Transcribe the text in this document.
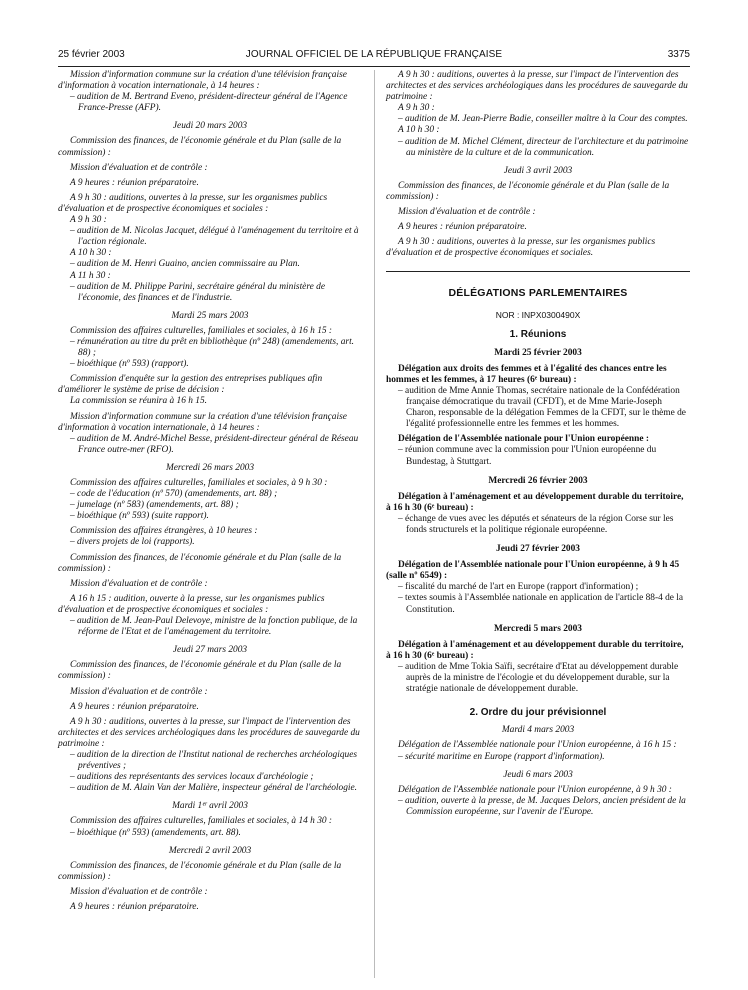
25 février 2003	JOURNAL OFFICIEL DE LA RÉPUBLIQUE FRANÇAISE	3375

Mission d'information commune sur la création d'une télévision française d'information à vocation internationale, à 14 heures :

– audition de M. Bertrand Eveno, président-directeur général de l'Agence France-Presse (AFP).

Jeudi 20 mars 2003

Commission des finances, de l'économie générale et du Plan (salle de la commission) :

Mission d'évaluation et de contrôle :

A 9 heures : réunion préparatoire.

A 9 h 30 : auditions, ouvertes à la presse, sur les organismes publics d'évaluation et de prospective économiques et sociales :

A 9 h 30 :

– audition de M. Nicolas Jacquet, délégué à l'aménagement du territoire et à l'action régionale.

A 10 h 30 :

– audition de M. Henri Guaino, ancien commissaire au Plan.

A 11 h 30 :

– audition de M. Philippe Parini, secrétaire général du ministère de l'économie, des finances et de l'industrie.

Mardi 25 mars 2003

Commission des affaires culturelles, familiales et sociales, à 16 h 15 :

– rémunération au titre du prêt en bibliothèque (nº 248) (amendements, art. 88) ;

– bioéthique (nº 593) (rapport).

Commission d'enquête sur la gestion des entreprises publiques afin d'améliorer le système de prise de décision :

La commission se réunira à 16 h 15.

Mission d'information commune sur la création d'une télévision française d'information à vocation internationale, à 14 heures :

– audition de M. André-Michel Besse, président-directeur général de Réseau France outre-mer (RFO).

Mercredi 26 mars 2003

Commission des affaires culturelles, familiales et sociales, à 9 h 30 :

– code de l'éducation (nº 570) (amendements, art. 88) ;

– jumelage (nº 583) (amendements, art. 88) ;

– bioéthique (nº 593) (suite rapport).

Commission des affaires étrangères, à 10 heures :

– divers projets de loi (rapports).

Commission des finances, de l'économie générale et du Plan (salle de la commission) :

Mission d'évaluation et de contrôle :

A 16 h 15 : audition, ouverte à la presse, sur les organismes publics d'évaluation et de prospective économiques et sociales :

– audition de M. Jean-Paul Delevoye, ministre de la fonction publique, de la réforme de l'Etat et de l'aménagement du territoire.

Jeudi 27 mars 2003

Commission des finances, de l'économie générale et du Plan (salle de la commission) :

Mission d'évaluation et de contrôle :

A 9 heures : réunion préparatoire.

A 9 h 30 : auditions, ouvertes à la presse, sur l'impact de l'intervention des architectes et des services archéologiques dans les procédures de sauvegarde du patrimoine :

– audition de la direction de l'Institut national de recherches archéologiques préventives ;

– auditions des représentants des services locaux d'archéologie ;

– audition de M. Alain Van der Malière, inspecteur général de l'archéologie.

Mardi 1ᵉʳ avril 2003

Commission des affaires culturelles, familiales et sociales, à 14 h 30 :

– bioéthique (nº 593) (amendements, art. 88).

Mercredi 2 avril 2003

Commission des finances, de l'économie générale et du Plan (salle de la commission) :

Mission d'évaluation et de contrôle :

A 9 heures : réunion préparatoire.

A 9 h 30 : auditions, ouvertes à la presse, sur l'impact de l'intervention des architectes et des services archéologiques dans les procédures de sauvegarde du patrimoine :

A 9 h 30 :

– audition de M. Jean-Pierre Badie, conseiller maître à la Cour des comptes.

A 10 h 30 :

– audition de M. Michel Clément, directeur de l'architecture et du patrimoine au ministère de la culture et de la communication.

Jeudi 3 avril 2003

Commission des finances, de l'économie générale et du Plan (salle de la commission) :

Mission d'évaluation et de contrôle :

A 9 heures : réunion préparatoire.

A 9 h 30 : auditions, ouvertes à la presse, sur les organismes publics d'évaluation et de prospective économiques et sociales.

DÉLÉGATIONS PARLEMENTAIRES

NOR : INPX0300490X

1. Réunions

Mardi 25 février 2003

Délégation aux droits des femmes et à l'égalité des chances entre les hommes et les femmes, à 17 heures (6ᵉ bureau) :

– audition de Mme Annie Thomas, secrétaire nationale de la Confédération française démocratique du travail (CFDT), et de Mme Marie-Joseph Charon, responsable de la délégation Femmes de la CFDT, sur le thème de l'égalité professionnelle entre les femmes et les hommes.

Délégation de l'Assemblée nationale pour l'Union européenne :

– réunion commune avec la commission pour l'Union européenne du Bundestag, à Stuttgart.

Mercredi 26 février 2003

Délégation à l'aménagement et au développement durable du territoire, à 16 h 30 (6ᵉ bureau) :

– échange de vues avec les députés et sénateurs de la région Corse sur les fonds structurels et la politique régionale européenne.

Jeudi 27 février 2003

Délégation de l'Assemblée nationale pour l'Union européenne, à 9 h 45 (salle nº 6549) :

– fiscalité du marché de l'art en Europe (rapport d'information) ;

– textes soumis à l'Assemblée nationale en application de l'article 88-4 de la Constitution.

Mercredi 5 mars 2003

Délégation à l'aménagement et au développement durable du territoire, à 16 h 30 (6ᵉ bureau) :

– audition de Mme Tokia Saïfi, secrétaire d'Etat au développement durable auprès de la ministre de l'écologie et du développement durable, sur la stratégie nationale de développement durable.

2. Ordre du jour prévisionnel

Mardi 4 mars 2003

Délégation de l'Assemblée nationale pour l'Union européenne, à 16 h 15 :

– sécurité maritime en Europe (rapport d'information).

Jeudi 6 mars 2003

Délégation de l'Assemblée nationale pour l'Union européenne, à 9 h 30 :

– audition, ouverte à la presse, de M. Jacques Delors, ancien président de la Commission européenne, sur l'avenir de l'Europe.
